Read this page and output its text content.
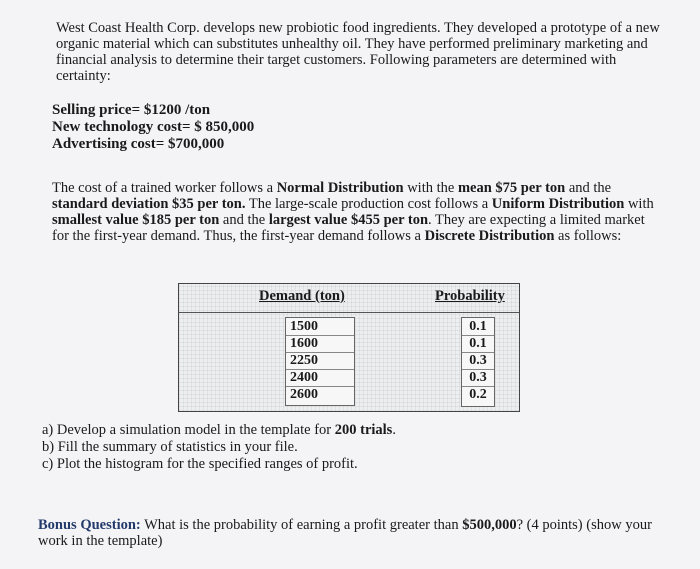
West Coast Health Corp. develops new probiotic food ingredients. They developed a prototype of a new organic material which can substitutes unhealthy oil. They have performed preliminary marketing and financial analysis to determine their target customers. Following parameters are determined with certainty:

Selling price= $1200 /ton
New technology cost= $ 850,000
Advertising cost= $700,000

The cost of a trained worker follows a Normal Distribution with the mean $75 per ton and the standard deviation $35 per ton. The large-scale production cost follows a Uniform Distribution with smallest value $185 per ton and the largest value $455 per ton. They are expecting a limited market for the first-year demand. Thus, the first-year demand follows a Discrete Distribution as follows:

Demand (ton)	Probability
1500
1600
2250
2400
2600
0.1
0.1
0.3
0.3
0.2
a) Develop a simulation model in the template for 200 trials.
b) Fill the summary of statistics in your file.
c) Plot the histogram for the specified ranges of profit.

Bonus Question: What is the probability of earning a profit greater than $500,000? (4 points) (show your work in the template)
